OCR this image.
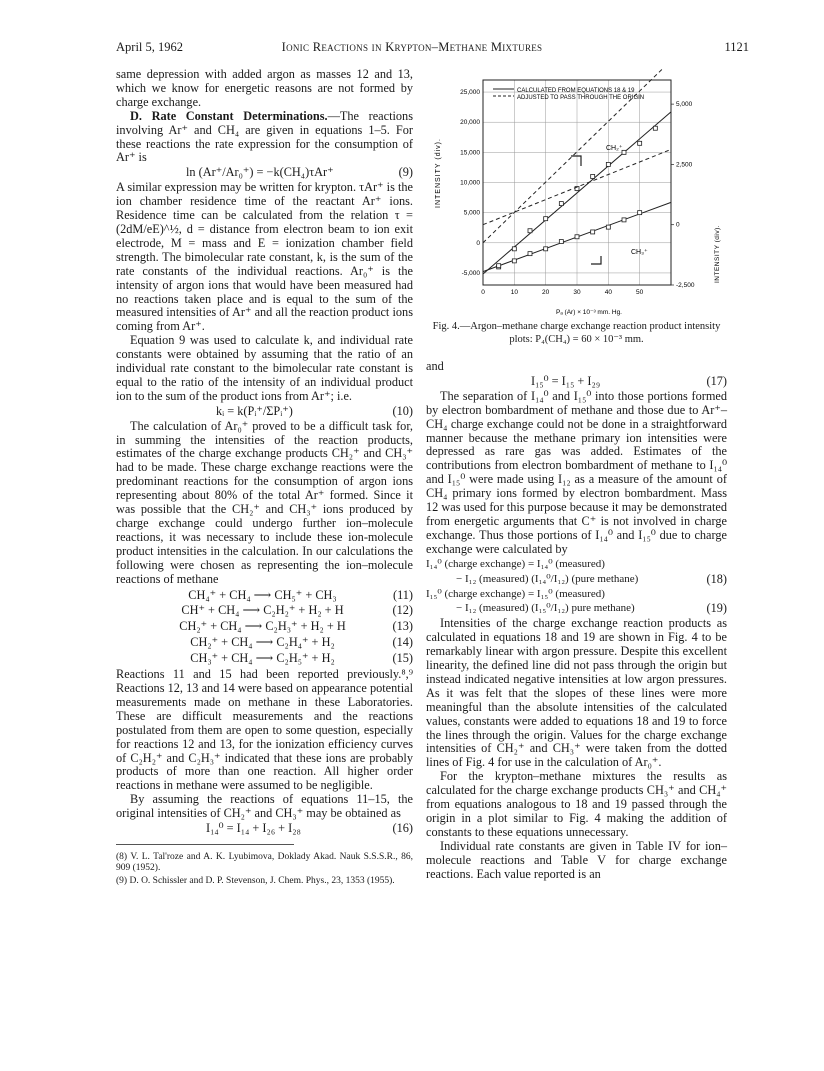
Ionic Reactions in Krypton–Methane Mixtures
April 5, 1962	1121

same depression with added argon as masses 12 and 13, which we know for energetic reasons are not formed by charge exchange.

D. Rate Constant Determinations.—The reactions involving Ar⁺ and CH₄ are given in equations 1–5. For these reactions the rate expression for the consumption of Ar⁺ is

ln (Ar⁺/Ar₀⁺) = −k(CH₄)τAr⁺	(9)

A similar expression may be written for krypton. τAr⁺ is the ion chamber residence time of the reactant Ar⁺ ions. Residence time can be calculated from the relation τ = (2dM/eE)^½, d = distance from electron beam to ion exit electrode, M = mass and E = ionization chamber field strength. The bimolecular rate constant, k, is the sum of the rate constants of the individual reactions. Ar₀⁺ is the intensity of argon ions that would have been measured had no reactions taken place and is equal to the sum of the measured intensities of Ar⁺ and all the reaction product ions coming from Ar⁺.

Equation 9 was used to calculate k, and individual rate constants were obtained by assuming that the ratio of an individual rate constant to the bimolecular rate constant is equal to the ratio of the intensity of an individual product ion to the sum of the product ions from Ar⁺; i.e.

kᵢ = k(Pᵢ⁺/ΣPᵢ⁺)	(10)

The calculation of Ar₀⁺ proved to be a difficult task for, in summing the intensities of the reaction products, estimates of the charge exchange products CH₂⁺ and CH₃⁺ had to be made. These charge exchange reactions were the predominant reactions for the consumption of argon ions representing about 80% of the total Ar⁺ formed. Since it was possible that the CH₂⁺ and CH₃⁺ ions produced by charge exchange could undergo further ion–molecule reactions, it was necessary to include these ion-molecule product intensities in the calculation. In our calculations the following were chosen as representing the ion–molecule reactions of methane

CH₄⁺ + CH₄ ⟶ CH₅⁺ + CH₃	(11)
CH⁺ + CH₄ ⟶ C₂H₂⁺ + H₂ + H	(12)
CH₂⁺ + CH₄ ⟶ C₂H₃⁺ + H₂ + H	(13)
CH₂⁺ + CH₄ ⟶ C₂H₄⁺ + H₂	(14)
CH₃⁺ + CH₄ ⟶ C₂H₅⁺ + H₂	(15)

Reactions 11 and 15 had been reported previously.⁸,⁹ Reactions 12, 13 and 14 were based on appearance potential measurements made on methane in these Laboratories. These are difficult measurements and the reactions postulated from them are open to some question, especially for reactions 12 and 13, for the ionization efficiency curves of C₂H₂⁺ and C₂H₃⁺ indicated that these ions are probably products of more than one reaction. All higher order reactions in methane were assumed to be negligible.

By assuming the reactions of equations 11–15, the original intensities of CH₂⁺ and CH₃⁺ may be obtained as

I₁₄⁰ = I₁₄ + I₂₆ + I₂₈	(16)
(8) V. L. Tal'roze and A. K. Lyubimova, Doklady Akad. Nauk S.S.S.R., 86, 909 (1952).
(9) D. O. Schissler and D. P. Stevenson, J. Chem. Phys., 23, 1353 (1955).
25,000
20,000
15,000
10,000
5,000
0
-5,000
5,000
2,500
0
-2,500
0	10	20	30	40	50
CALCULATED FROM EQUATIONS 18 & 19
ADJUSTED TO PASS THROUGH THE ORIGIN
CH₂⁺
CH₃⁺
INTENSITY (div).
INTENSITY (div).
Pₐ (Ar) × 10⁻³ mm. Hg.
Fig. 4.—Argon–methane charge exchange reaction product intensity plots: P₄(CH₄) = 60 × 10⁻³ mm.

and

I₁₅⁰ = I₁₅ + I₂₉	(17)

The separation of I₁₄⁰ and I₁₅⁰ into those portions formed by electron bombardment of methane and those due to Ar⁺–CH₄ charge exchange could not be done in a straightforward manner because the methane primary ion intensities were depressed as rare gas was added. Estimates of the contributions from electron bombardment of methane to I₁₄⁰ and I₁₅⁰ were made using I₁₂ as a measure of the amount of CH₄ primary ions formed by electron bombardment. Mass 12 was used for this purpose because it may be demonstrated from energetic arguments that C⁺ is not involved in charge exchange. Thus those portions of I₁₄⁰ and I₁₅⁰ due to charge exchange were calculated by

I₁₄⁰ (charge exchange) = I₁₄⁰ (measured)
− I₁₂ (measured) (I₁₄⁰/I₁₂) (pure methane)	(18)
I₁₅⁰ (charge exchange) = I₁₅⁰ (measured)
− I₁₂ (measured) (I₁₅⁰/I₁₂) pure methane)	(19)

Intensities of the charge exchange reaction products as calculated in equations 18 and 19 are shown in Fig. 4 to be remarkably linear with argon pressure. Despite this excellent linearity, the defined line did not pass through the origin but instead indicated negative intensities at low argon pressures. As it was felt that the slopes of these lines were more meaningful than the absolute intensities of the calculated values, constants were added to equations 18 and 19 to force the lines through the origin. Values for the charge exchange intensities of CH₂⁺ and CH₃⁺ were taken from the dotted lines of Fig. 4 for use in the calculation of Ar₀⁺.

For the krypton–methane mixtures the results as calculated for the charge exchange products CH₃⁺ and CH₄⁺ from equations analogous to 18 and 19 passed through the origin in a plot similar to Fig. 4 making the addition of constants to these equations unnecessary.

Individual rate constants are given in Table IV for ion–molecule reactions and Table V for charge exchange reactions. Each value reported is an
